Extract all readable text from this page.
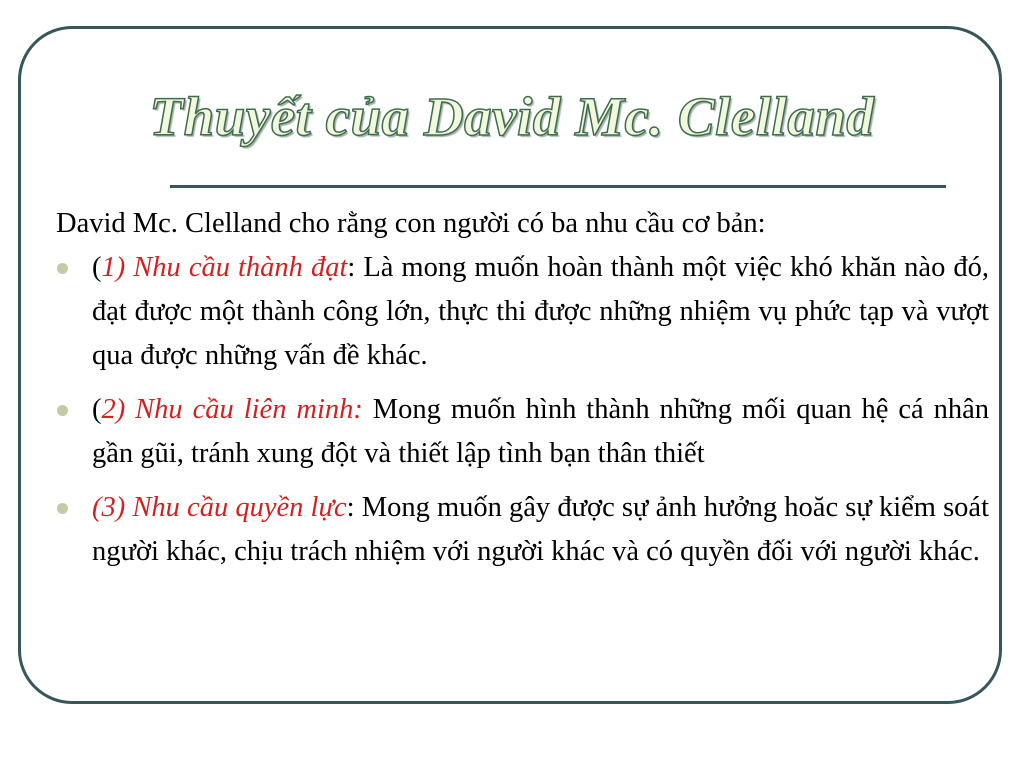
Thuyết của David Mc. Clelland

David Mc. Clelland cho rằng con người có ba nhu cầu cơ bản:

(1) Nhu cầu thành đạt: Là mong muốn hoàn thành một việc khó khăn nào đó, đạt được một thành công lớn, thực thi được những nhiệm vụ phức tạp và vượt qua được những vấn đề khác.

(2) Nhu cầu liên minh: Mong muốn hình thành những mối quan hệ cá nhân gần gũi, tránh xung đột và thiết lập tình bạn thân thiết

(3) Nhu cầu quyền lực: Mong muốn gây được sự ảnh hưởng hoăc sự kiểm soát người khác, chịu trách nhiệm với người khác và có quyền đối với người khác.
